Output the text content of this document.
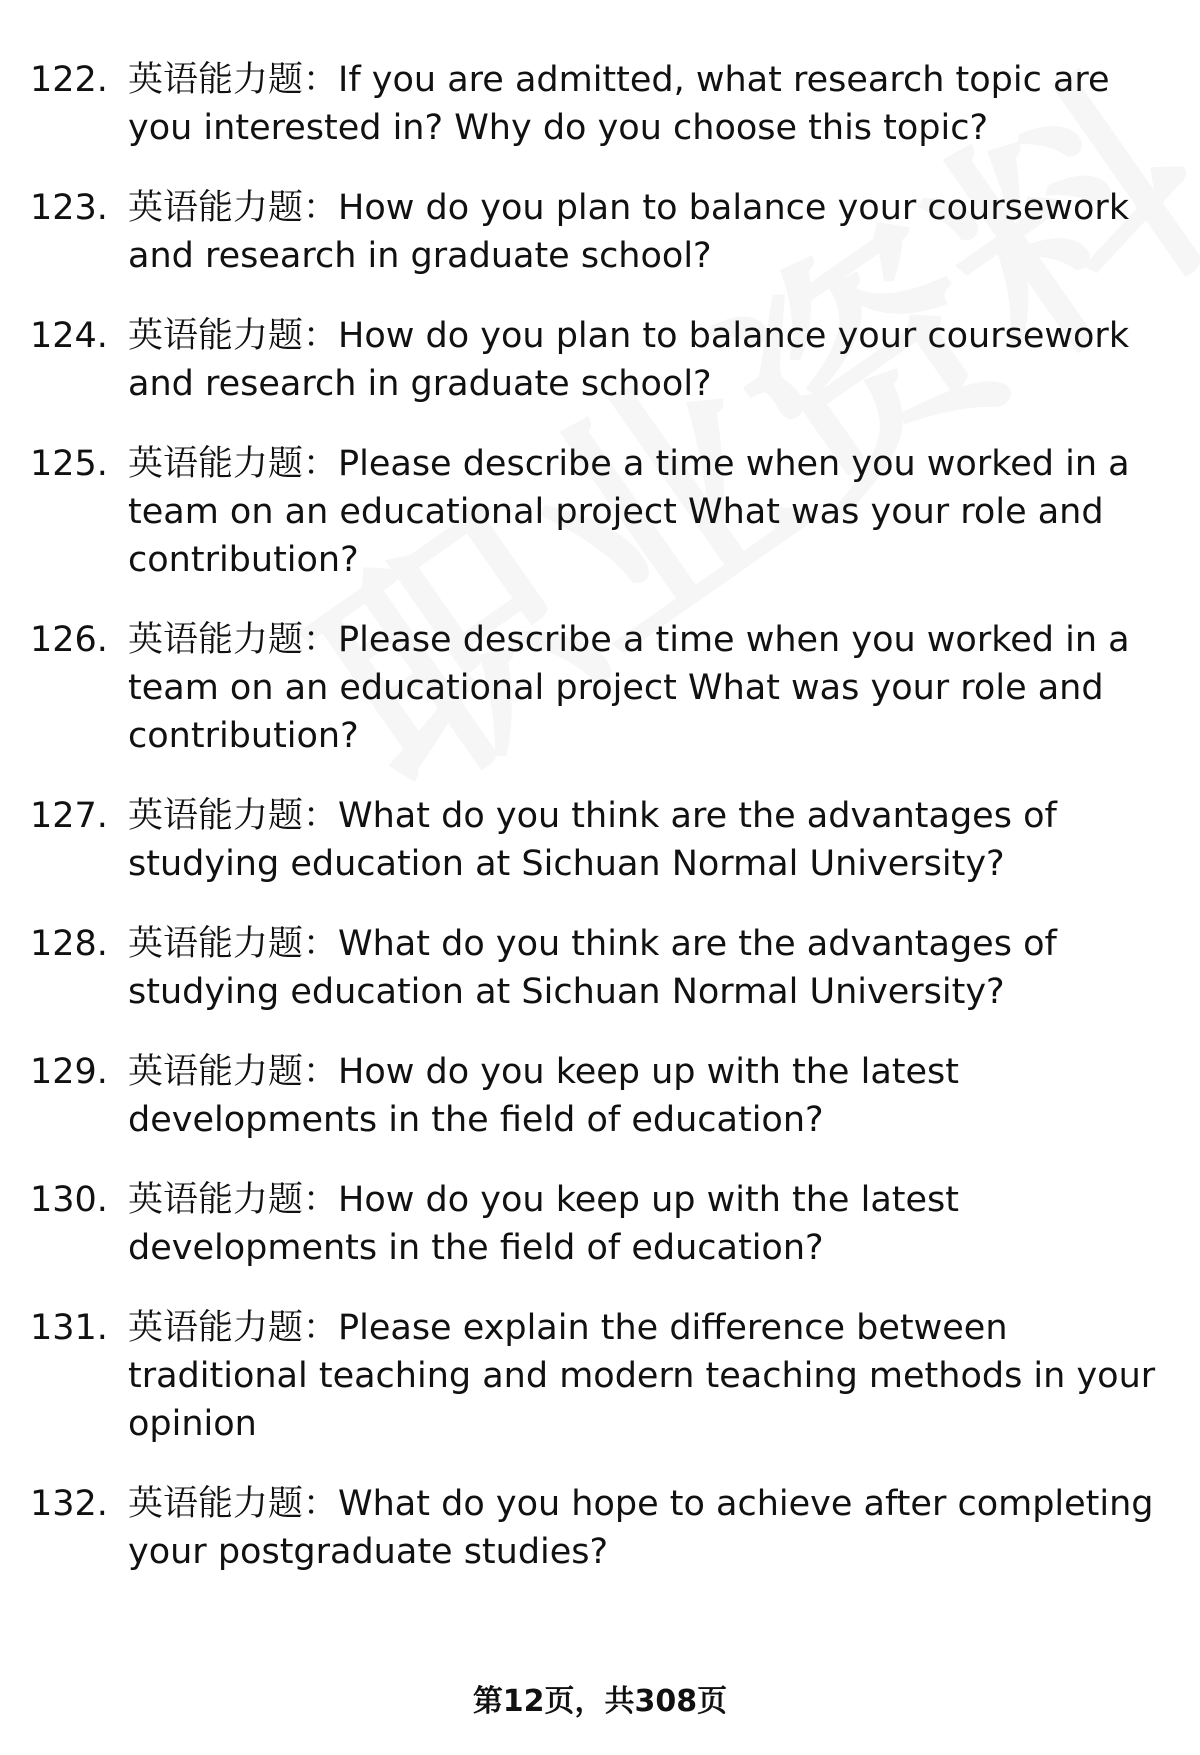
122. 英语能力题：If you are admitted, what research topic are you interested in? Why do you choose this topic?
123. 英语能力题：How do you plan to balance your coursework and research in graduate school?
124. 英语能力题：How do you plan to balance your coursework and research in graduate school?
125. 英语能力题：Please describe a time when you worked in a team on an educational project What was your role and contribution?
126. 英语能力题：Please describe a time when you worked in a team on an educational project What was your role and contribution?
127. 英语能力题：What do you think are the advantages of studying education at Sichuan Normal University?
128. 英语能力题：What do you think are the advantages of studying education at Sichuan Normal University?
129. 英语能力题：How do you keep up with the latest developments in the field of education?
130. 英语能力题：How do you keep up with the latest developments in the field of education?
131. 英语能力题：Please explain the difference between traditional teaching and modern teaching methods in your opinion
132. 英语能力题：What do you hope to achieve after completing your postgraduate studies?
第12页，共308页
